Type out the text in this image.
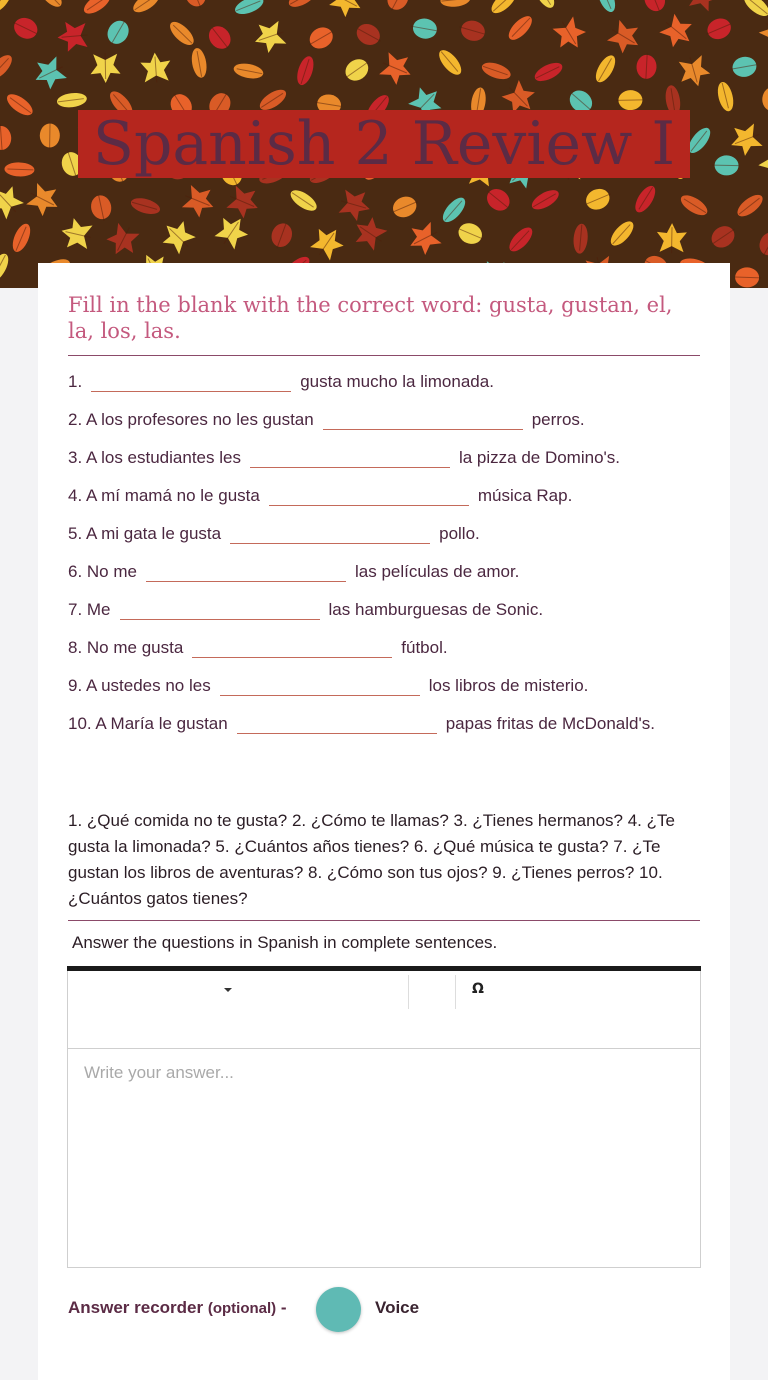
Spanish 2 Review I
Fill in the blank with the correct word: gusta, gustan, el, la, los, las.
1.	gusta mucho la limonada.
2. A los profesores no les gustan	perros.
3. A los estudiantes les	la pizza de Domino's.
4. A mí mamá no le gusta	música Rap.
5. A mi gata le gusta	pollo.
6. No me	las películas de amor.
7. Me	las hamburguesas de Sonic.
8. No me gusta	fútbol.
9. A ustedes no les	los libros de misterio.
10. A María le gustan	papas fritas de McDonald's.
1. ¿Qué comida no te gusta? 2. ¿Cómo te llamas? 3. ¿Tienes hermanos? 4. ¿Te gusta la limonada? 5. ¿Cuántos años tienes? 6. ¿Qué música te gusta? 7. ¿Te gustan los libros de aventuras? 8. ¿Cómo son tus ojos? 9. ¿Tienes perros? 10. ¿Cuántos gatos tienes?
Answer the questions in Spanish in complete sentences.
Ω
Write your answer...
Answer recorder (optional) -	Voice
